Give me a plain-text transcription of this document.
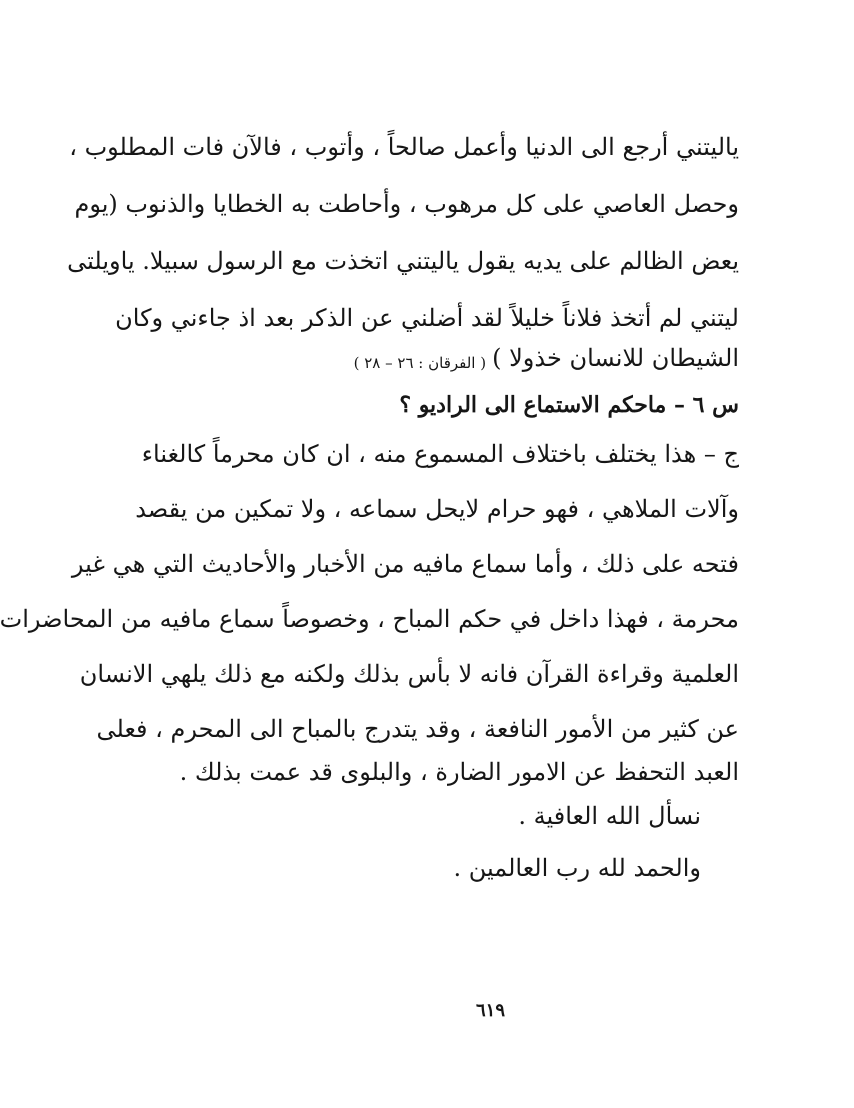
ياليتني أرجع الى الدنيا وأعمل صالحاً ، وأتوب ، فالآن فات المطلوب ،
وحصل العاصي على كل مرهوب ، وأحاطت به الخطايا والذنوب (يوم
يعض الظالم على يديه يقول ياليتني اتخذت مع الرسول سبيلا. ياويلتى
ليتني لم أتخذ فلاناً خليلاً لقد أضلني عن الذكر بعد اذ جاءني وكان
الشيطان للانسان خذولا )
( الفرقان : ٢٦ – ٢٨ )
س ٦ – ماحكم الاستماع الى الراديو ؟
ج – هذا يختلف باختلاف المسموع منه ، ان كان محرماً كالغناء
وآلات الملاهي ، فهو حرام لايحل سماعه ، ولا تمكين من يقصد
فتحه على ذلك ، وأما سماع مافيه من الأخبار والأحاديث التي هي غير
محرمة ، فهذا داخل في حكم المباح ، وخصوصاً سماع مافيه من المحاضرات
العلمية وقراءة القرآن فانه لا بأس بذلك ولكنه مع ذلك يلهي الانسان
عن كثير من الأمور النافعة ، وقد يتدرج بالمباح الى المحرم ، فعلى
العبد التحفظ عن الامور الضارة ، والبلوى قد عمت بذلك .
نسأل الله العافية .
والحمد لله رب العالمين .
٦١٩
